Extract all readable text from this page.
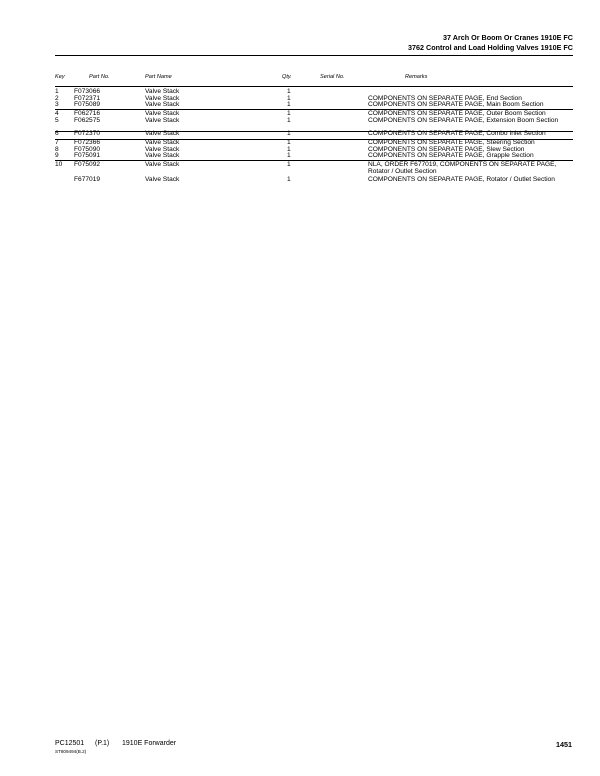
37 Arch Or Boom Or Cranes 1910E FC
3762 Control and Load Holding Valves 1910E FC
Key	Part No.	Part Name	Qty.	Serial No.	Remarks
1 F073066	Valve Stack	1
2 F072371	Valve Stack	1	COMPONENTS ON SEPARATE PAGE, End Section
3 F075089	Valve Stack	1	COMPONENTS ON SEPARATE PAGE, Main Boom Section
4 F062716	Valve Stack	1	COMPONENTS ON SEPARATE PAGE, Outer Boom Section
5 F062575	Valve Stack	1	COMPONENTS ON SEPARATE PAGE, Extension Boom Section
6 F072370	Valve Stack	1	COMPONENTS ON SEPARATE PAGE, Combo Inlet Section
7 F072366	Valve Stack	1	COMPONENTS ON SEPARATE PAGE, Steering Section
8 F075090	Valve Stack	1	COMPONENTS ON SEPARATE PAGE, Slew Section
9 F075091	Valve Stack	1	COMPONENTS ON SEPARATE PAGE, Grapple Section
10 F075092	Valve Stack	1	NLA, ORDER F677019, COMPONENTS ON SEPARATE PAGE, Rotator / Outlet Section
F677019	Valve Stack	1	COMPONENTS ON SEPARATE PAGE, Rotator / Outlet Section
PC12501 (P.1) 1910E Forwarder
ST809494(B.2)
1451
